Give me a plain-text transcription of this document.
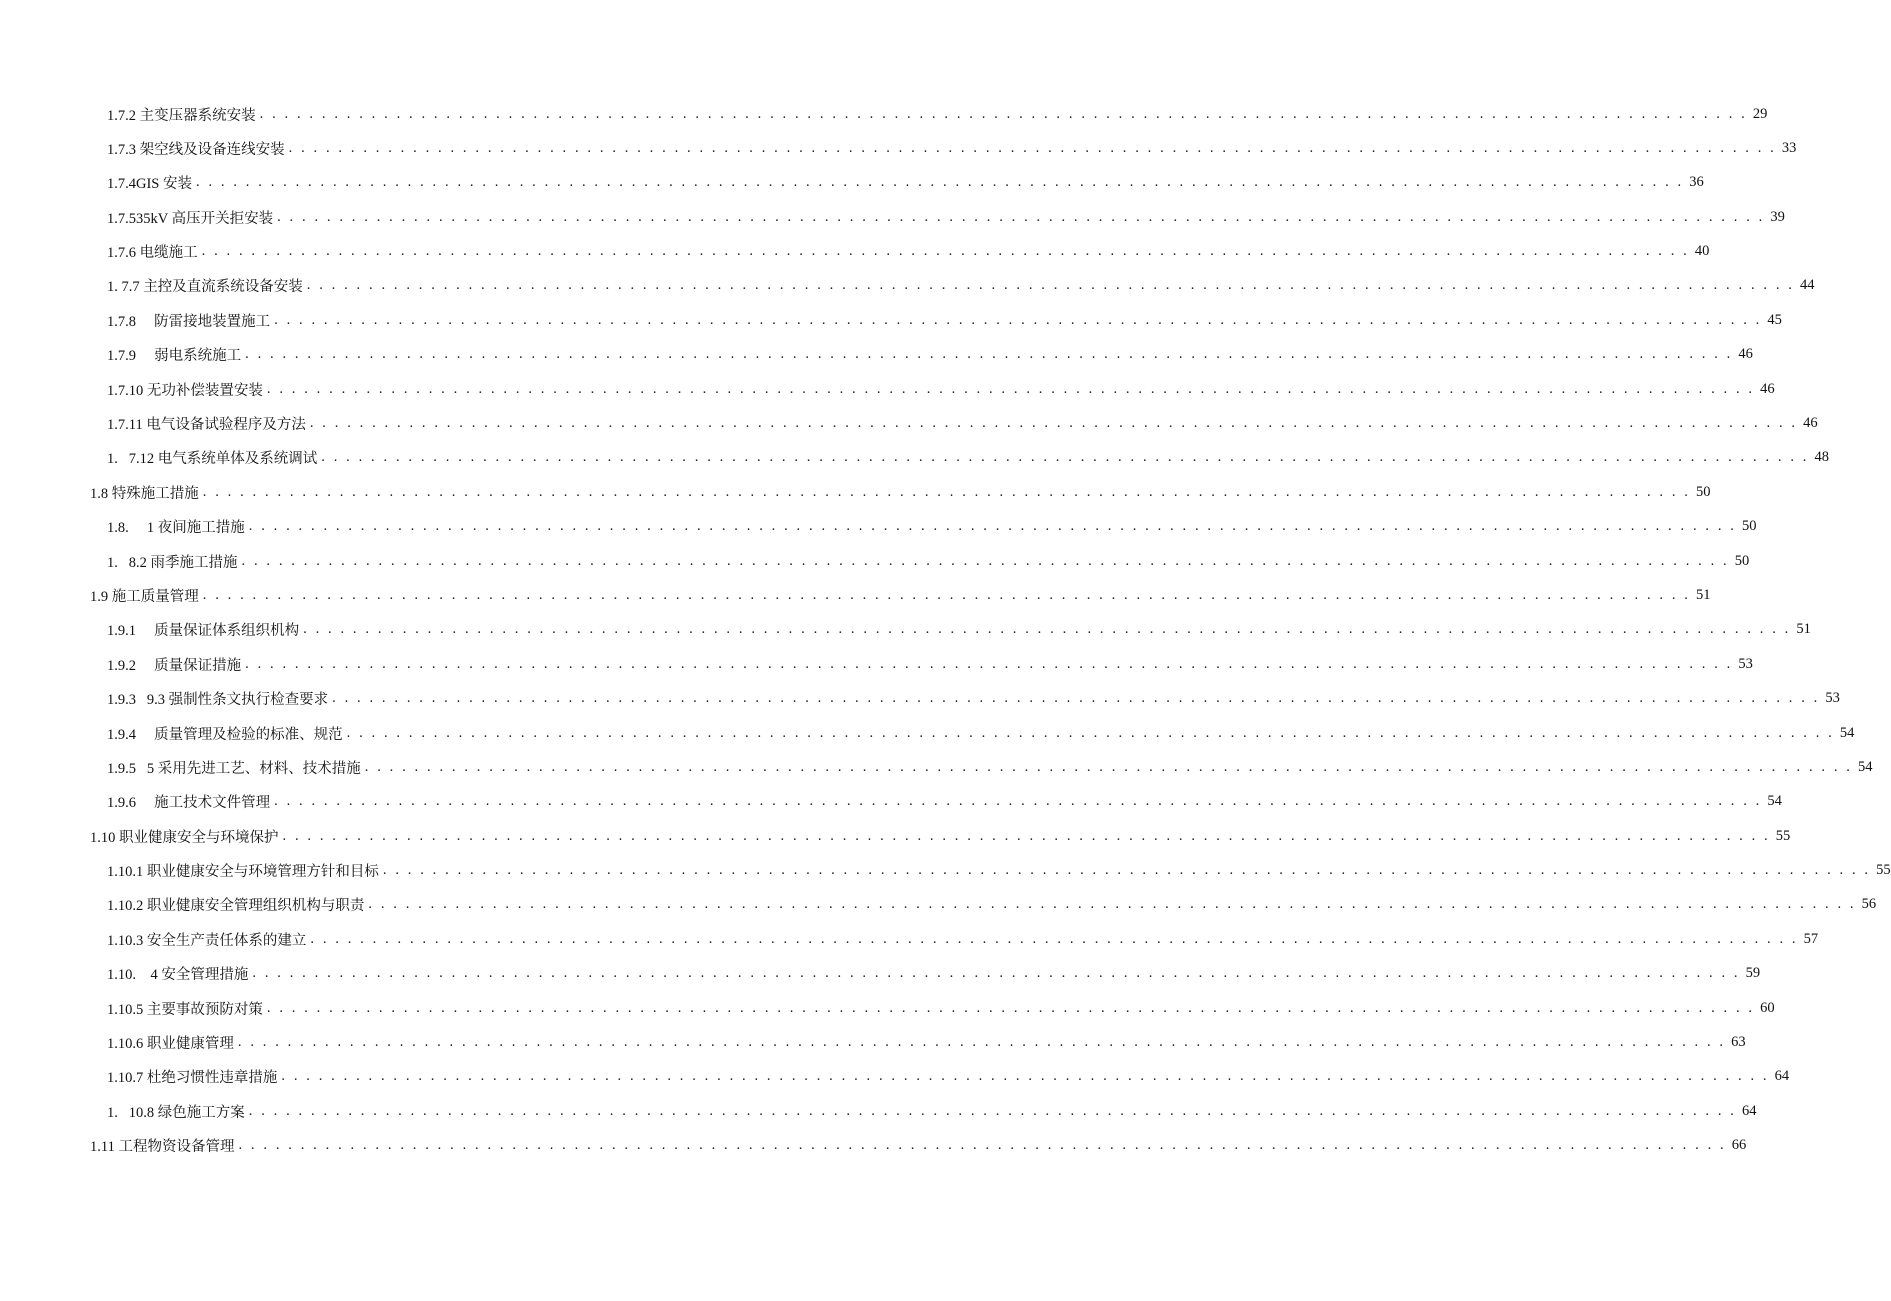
1.7.2 主变压器系统安装 . . . . . . . . . . . . . . . . . . . . . . . . . . . . . . . . . . . . . . . . . . . . . . . . . . . . . . . . . . . . . . . . . . . . . . . . . . . . . . . . . . . . . . . . . . . . . . . . . . . . . . . . . . . . . . . . . . . . . . . . 29
1.7.3 架空线及设备连线安装 . . . . . . . . . . . . . . . . . . . . . . . . . . . . . . . . . . . . . . . . . . . . . . . . . . . . . . . . . . . . . . . . . . . . . . . . . . . . . . . . . . . . . . . . . . . . . . . . . . . . . . . . . . . . . . . . . . . . . . . . 33
1.7.4GIS 安装 . . . . . . . . . . . . . . . . . . . . . . . . . . . . . . . . . . . . . . . . . . . . . . . . . . . . . . . . . . . . . . . . . . . . . . . . . . . . . . . . . . . . . . . . . . . . . . . . . . . . . . . . . . . . . . . . . . . . . . . . 36
1.7.535kV 高压开关拒安装 . . . . . . . . . . . . . . . . . . . . . . . . . . . . . . . . . . . . . . . . . . . . . . . . . . . . . . . . . . . . . . . . . . . . . . . . . . . . . . . . . . . . . . . . . . . . . . . . . . . . . . . . . . . . . . . . . . . . . . . . 39
1.7.6 电缆施工 . . . . . . . . . . . . . . . . . . . . . . . . . . . . . . . . . . . . . . . . . . . . . . . . . . . . . . . . . . . . . . . . . . . . . . . . . . . . . . . . . . . . . . . . . . . . . . . . . . . . . . . . . . . . . . . . . . . . . . . . 40
1. 7.7 主控及直流系统设备安装 . . . . . . . . . . . . . . . . . . . . . . . . . . . . . . . . . . . . . . . . . . . . . . . . . . . . . . . . . . . . . . . . . . . . . . . . . . . . . . . . . . . . . . . . . . . . . . . . . . . . . . . . . . . . . . . . . . . . . . . . 44
1.7.8     防雷接地装置施工 . . . . . . . . . . . . . . . . . . . . . . . . . . . . . . . . . . . . . . . . . . . . . . . . . . . . . . . . . . . . . . . . . . . . . . . . . . . . . . . . . . . . . . . . . . . . . . . . . . . . . . . . . . . . . . . . . . . . . . . . 45
1.7.9     弱电系统施工 . . . . . . . . . . . . . . . . . . . . . . . . . . . . . . . . . . . . . . . . . . . . . . . . . . . . . . . . . . . . . . . . . . . . . . . . . . . . . . . . . . . . . . . . . . . . . . . . . . . . . . . . . . . . . . . . . . . . . . . . 46
1.7.10 无功补偿装置安装 . . . . . . . . . . . . . . . . . . . . . . . . . . . . . . . . . . . . . . . . . . . . . . . . . . . . . . . . . . . . . . . . . . . . . . . . . . . . . . . . . . . . . . . . . . . . . . . . . . . . . . . . . . . . . . . . . . . . . . . . 46
1.7.11 电气设备试验程序及方法 . . . . . . . . . . . . . . . . . . . . . . . . . . . . . . . . . . . . . . . . . . . . . . . . . . . . . . . . . . . . . . . . . . . . . . . . . . . . . . . . . . . . . . . . . . . . . . . . . . . . . . . . . . . . . . . . . . . . . . . . 46
1.   7.12 电气系统单体及系统调试 . . . . . . . . . . . . . . . . . . . . . . . . . . . . . . . . . . . . . . . . . . . . . . . . . . . . . . . . . . . . . . . . . . . . . . . . . . . . . . . . . . . . . . . . . . . . . . . . . . . . . . . . . . . . . . . . . . . . . . . . 48
1.8 特殊施工措施 . . . . . . . . . . . . . . . . . . . . . . . . . . . . . . . . . . . . . . . . . . . . . . . . . . . . . . . . . . . . . . . . . . . . . . . . . . . . . . . . . . . . . . . . . . . . . . . . . . . . . . . . . . . . . . . . . . . . . . . . 50
1.8.     1 夜间施工措施 . . . . . . . . . . . . . . . . . . . . . . . . . . . . . . . . . . . . . . . . . . . . . . . . . . . . . . . . . . . . . . . . . . . . . . . . . . . . . . . . . . . . . . . . . . . . . . . . . . . . . . . . . . . . . . . . . . . . . . . . 50
1.   8.2 雨季施工措施 . . . . . . . . . . . . . . . . . . . . . . . . . . . . . . . . . . . . . . . . . . . . . . . . . . . . . . . . . . . . . . . . . . . . . . . . . . . . . . . . . . . . . . . . . . . . . . . . . . . . . . . . . . . . . . . . . . . . . . . . 50
1.9 施工质量管理 . . . . . . . . . . . . . . . . . . . . . . . . . . . . . . . . . . . . . . . . . . . . . . . . . . . . . . . . . . . . . . . . . . . . . . . . . . . . . . . . . . . . . . . . . . . . . . . . . . . . . . . . . . . . . . . . . . . . . . . . 51
1.9.1     质量保证体系组织机构 . . . . . . . . . . . . . . . . . . . . . . . . . . . . . . . . . . . . . . . . . . . . . . . . . . . . . . . . . . . . . . . . . . . . . . . . . . . . . . . . . . . . . . . . . . . . . . . . . . . . . . . . . . . . . . . . . . . . . . . . 51
1.9.2     质量保证措施 . . . . . . . . . . . . . . . . . . . . . . . . . . . . . . . . . . . . . . . . . . . . . . . . . . . . . . . . . . . . . . . . . . . . . . . . . . . . . . . . . . . . . . . . . . . . . . . . . . . . . . . . . . . . . . . . . . . . . . . . 53
1.9.3   9.3 强制性条文执行检查要求 . . . . . . . . . . . . . . . . . . . . . . . . . . . . . . . . . . . . . . . . . . . . . . . . . . . . . . . . . . . . . . . . . . . . . . . . . . . . . . . . . . . . . . . . . . . . . . . . . . . . . . . . . . . . . . . . . . . . . . . . 53
1.9.4     质量管理及检验的标准、规范 . . . . . . . . . . . . . . . . . . . . . . . . . . . . . . . . . . . . . . . . . . . . . . . . . . . . . . . . . . . . . . . . . . . . . . . . . . . . . . . . . . . . . . . . . . . . . . . . . . . . . . . . . . . . . . . . . . . . . . . . 54
1.9.5   5 采用先进工艺、材料、技术措施 . . . . . . . . . . . . . . . . . . . . . . . . . . . . . . . . . . . . . . . . . . . . . . . . . . . . . . . . . . . . . . . . . . . . . . . . . . . . . . . . . . . . . . . . . . . . . . . . . . . . . . . . . . . . . . . . . . . . . . . . 54
1.9.6     施工技术文件管理 . . . . . . . . . . . . . . . . . . . . . . . . . . . . . . . . . . . . . . . . . . . . . . . . . . . . . . . . . . . . . . . . . . . . . . . . . . . . . . . . . . . . . . . . . . . . . . . . . . . . . . . . . . . . . . . . . . . . . . . . 54
1.10 职业健康安全与环境保护 . . . . . . . . . . . . . . . . . . . . . . . . . . . . . . . . . . . . . . . . . . . . . . . . . . . . . . . . . . . . . . . . . . . . . . . . . . . . . . . . . . . . . . . . . . . . . . . . . . . . . . . . . . . . . . . . . . . . . . . . 55
1.10.1 职业健康安全与环境管理方针和目标 . . . . . . . . . . . . . . . . . . . . . . . . . . . . . . . . . . . . . . . . . . . . . . . . . . . . . . . . . . . . . . . . . . . . . . . . . . . . . . . . . . . . . . . . . . . . . . . . . . . . . . . . . . . . . . . . . . . . . . . . 55
1.10.2 职业健康安全管理组织机构与职责 . . . . . . . . . . . . . . . . . . . . . . . . . . . . . . . . . . . . . . . . . . . . . . . . . . . . . . . . . . . . . . . . . . . . . . . . . . . . . . . . . . . . . . . . . . . . . . . . . . . . . . . . . . . . . . . . . . . . . . . . 56
1.10.3 安全生产责任体系的建立 . . . . . . . . . . . . . . . . . . . . . . . . . . . . . . . . . . . . . . . . . . . . . . . . . . . . . . . . . . . . . . . . . . . . . . . . . . . . . . . . . . . . . . . . . . . . . . . . . . . . . . . . . . . . . . . . . . . . . . . . 57
1.10.    4 安全管理措施 . . . . . . . . . . . . . . . . . . . . . . . . . . . . . . . . . . . . . . . . . . . . . . . . . . . . . . . . . . . . . . . . . . . . . . . . . . . . . . . . . . . . . . . . . . . . . . . . . . . . . . . . . . . . . . . . . . . . . . . . 59
1.10.5 主要事故预防对策 . . . . . . . . . . . . . . . . . . . . . . . . . . . . . . . . . . . . . . . . . . . . . . . . . . . . . . . . . . . . . . . . . . . . . . . . . . . . . . . . . . . . . . . . . . . . . . . . . . . . . . . . . . . . . . . . . . . . . . . . 60
1.10.6 职业健康管理 . . . . . . . . . . . . . . . . . . . . . . . . . . . . . . . . . . . . . . . . . . . . . . . . . . . . . . . . . . . . . . . . . . . . . . . . . . . . . . . . . . . . . . . . . . . . . . . . . . . . . . . . . . . . . . . . . . . . . . . . 63
1.10.7 杜绝习惯性违章措施 . . . . . . . . . . . . . . . . . . . . . . . . . . . . . . . . . . . . . . . . . . . . . . . . . . . . . . . . . . . . . . . . . . . . . . . . . . . . . . . . . . . . . . . . . . . . . . . . . . . . . . . . . . . . . . . . . . . . . . . . 64
1.   10.8 绿色施工方案 . . . . . . . . . . . . . . . . . . . . . . . . . . . . . . . . . . . . . . . . . . . . . . . . . . . . . . . . . . . . . . . . . . . . . . . . . . . . . . . . . . . . . . . . . . . . . . . . . . . . . . . . . . . . . . . . . . . . . . . . 64
1.11 工程物资设备管理 . . . . . . . . . . . . . . . . . . . . . . . . . . . . . . . . . . . . . . . . . . . . . . . . . . . . . . . . . . . . . . . . . . . . . . . . . . . . . . . . . . . . . . . . . . . . . . . . . . . . . . . . . . . . . . . . . . . . . . . . 66
